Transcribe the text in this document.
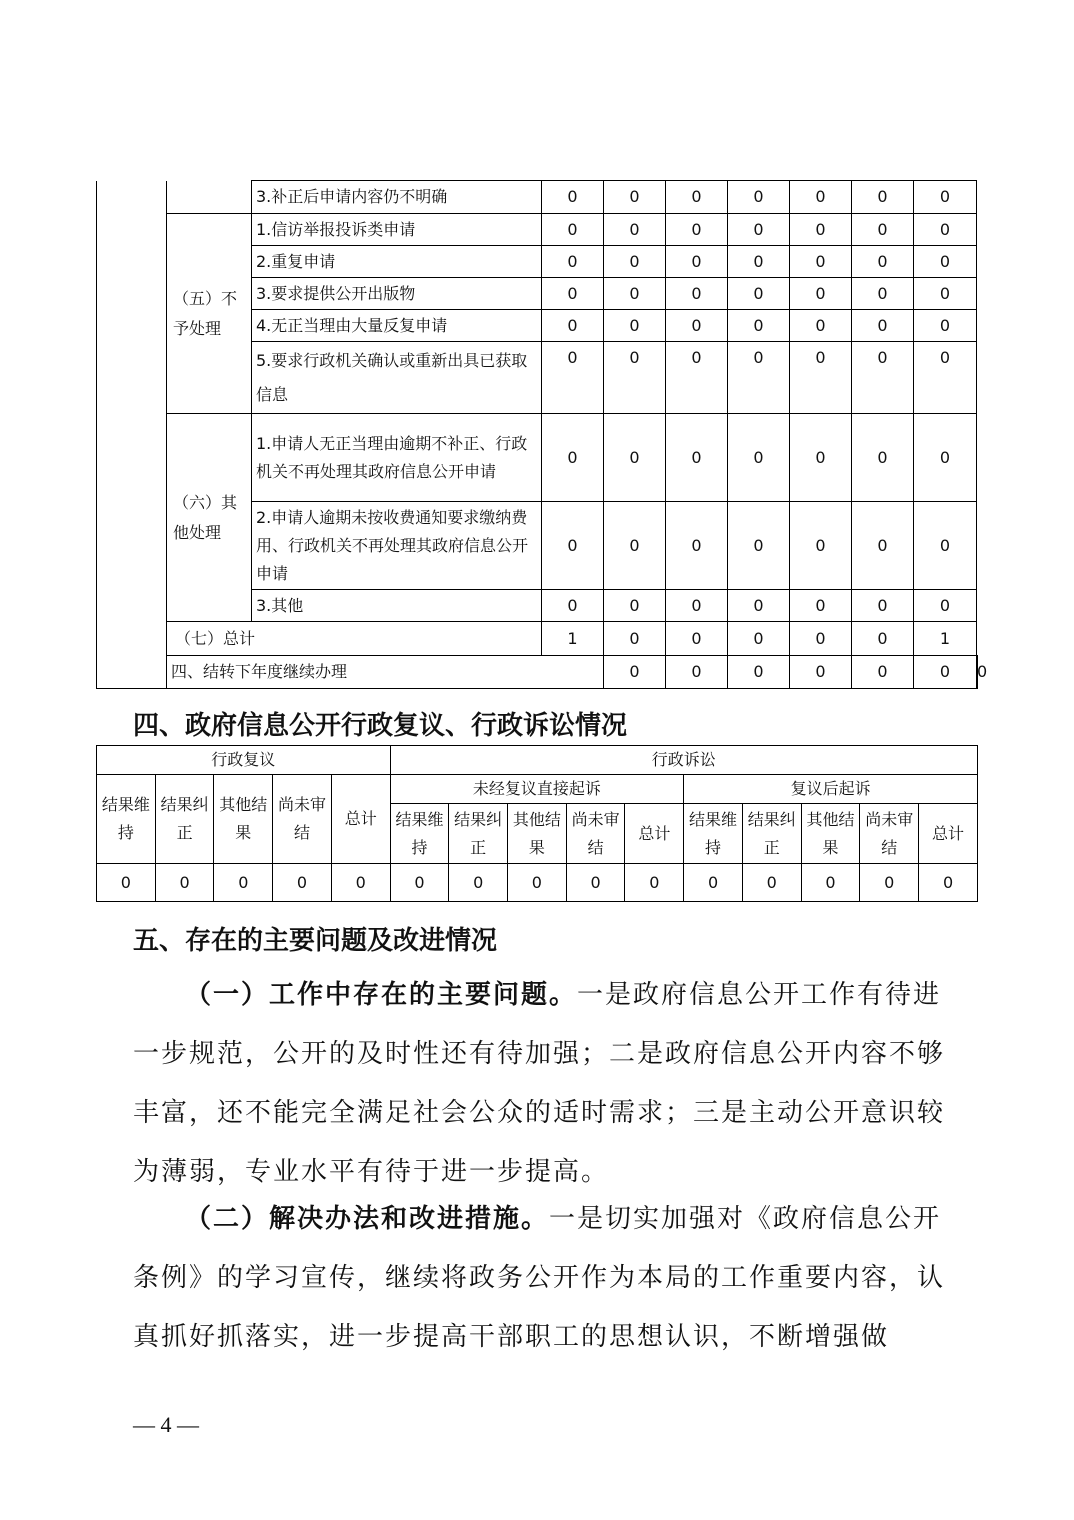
		3.补正后申请内容仍不明确	0	0	0	0	0	0	0	
	（五）不予处理	1.信访举报投诉类申请	0	0	0	0	0	0	0	
		2.重复申请	0	0	0	0	0	0	0	
		3.要求提供公开出版物	0	0	0	0	0	0	0	
		4.无正当理由大量反复申请	0	0	0	0	0	0	0	
		5.要求行政机关确认或重新出具已获取信息	0	0	0	0	0	0	0	
	（六）其他处理	1.申请人无正当理由逾期不补正、行政机关不再处理其政府信息公开申请	0	0	0	0	0	0	0	
		2.申请人逾期未按收费通知要求缴纳费用、行政机关不再处理其政府信息公开申请	0	0	0	0	0	0	0	
		3.其他	0	0	0	0	0	0	0	
	（七）总计		1	0	0	0	0	0	1	
	四、结转下年度继续办理			0	0	0	0	0	0	0
四、政府信息公开行政复议、行政诉讼情况
行政复议					行政诉讼									
结果维持	结果纠正	其他结果	尚未审结	总计	未经复议直接起诉					复议后起诉				
					结果维持	结果纠正	其他结果	尚未审结	总计	结果维持	结果纠正	其他结果	尚未审结	总计
0	0	0	0	0	0	0	0	0	0	0	0	0	0	0
五、存在的主要问题及改进情况

（一）工作中存在的主要问题。一是政府信息公开工作有待进一步规范，公开的及时性还有待加强；二是政府信息公开内容不够丰富，还不能完全满足社会公众的适时需求；三是主动公开意识较为薄弱，专业水平有待于进一步提高。

（二）解决办法和改进措施。一是切实加强对《政府信息公开条例》的学习宣传，继续将政务公开作为本局的工作重要内容，认真抓好抓落实，进一步提高干部职工的思想认识，不断增强做

— 4 —
